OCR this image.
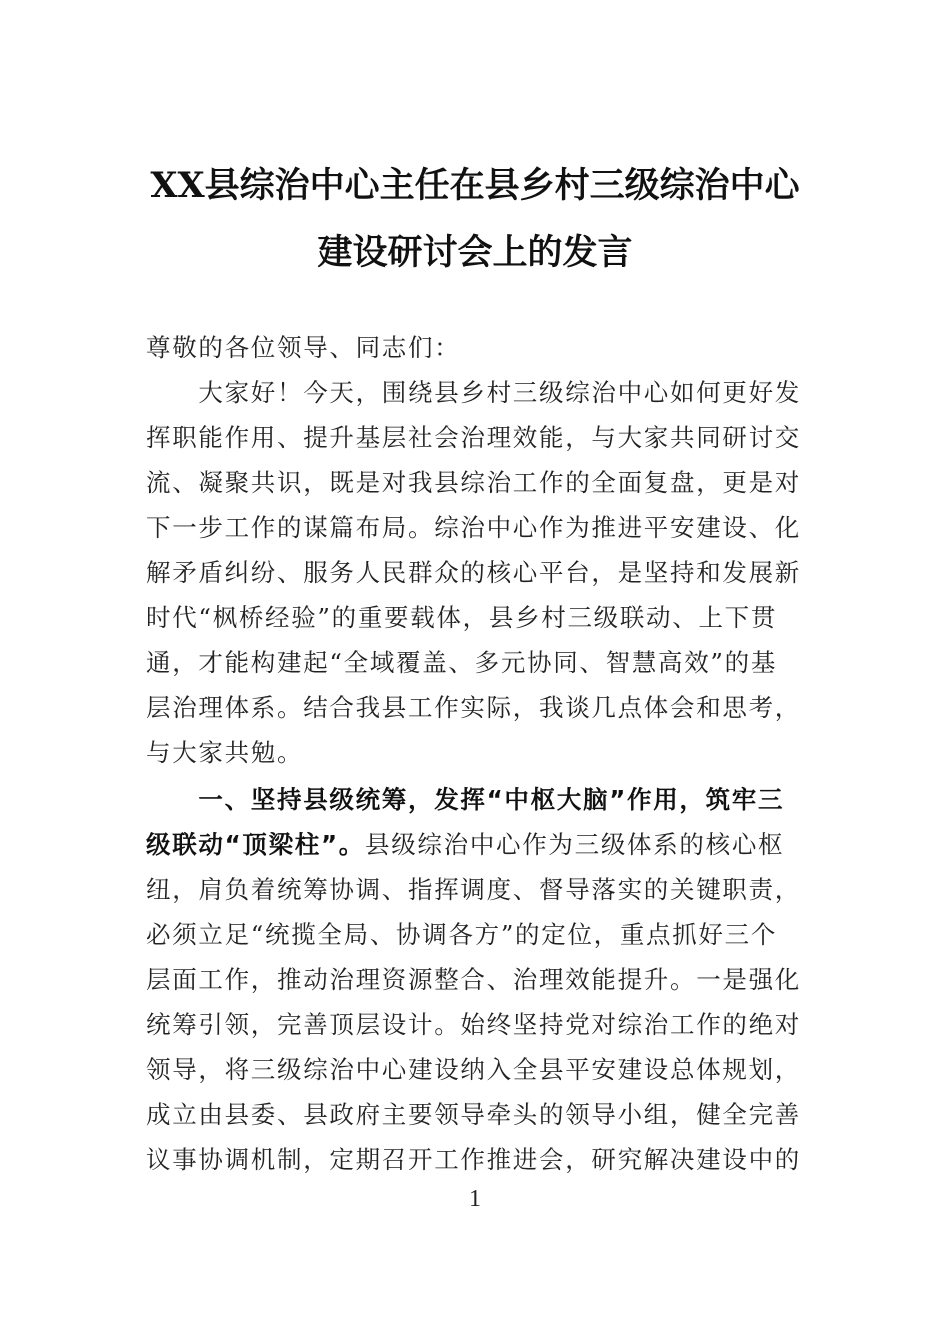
XX县综治中心主任在县乡村三级综治中心
建设研讨会上的发言
尊敬的各位领导、同志们：
　　大家好！今天，围绕县乡村三级综治中心如何更好发
挥职能作用、提升基层社会治理效能，与大家共同研讨交
流、凝聚共识，既是对我县综治工作的全面复盘，更是对
下一步工作的谋篇布局。综治中心作为推进平安建设、化
解矛盾纠纷、服务人民群众的核心平台，是坚持和发展新
时代“枫桥经验”的重要载体，县乡村三级联动、上下贯
通，才能构建起“全域覆盖、多元协同、智慧高效”的基
层治理体系。结合我县工作实际，我谈几点体会和思考，
与大家共勉。
　　一、坚持县级统筹，发挥“中枢大脑”作用，筑牢三
级联动“顶梁柱”。县级综治中心作为三级体系的核心枢
纽，肩负着统筹协调、指挥调度、督导落实的关键职责，
必须立足“统揽全局、协调各方”的定位，重点抓好三个
层面工作，推动治理资源整合、治理效能提升。一是强化
统筹引领，完善顶层设计。始终坚持党对综治工作的绝对
领导，将三级综治中心建设纳入全县平安建设总体规划，
成立由县委、县政府主要领导牵头的领导小组，健全完善
议事协调机制，定期召开工作推进会，研究解决建设中的
1
